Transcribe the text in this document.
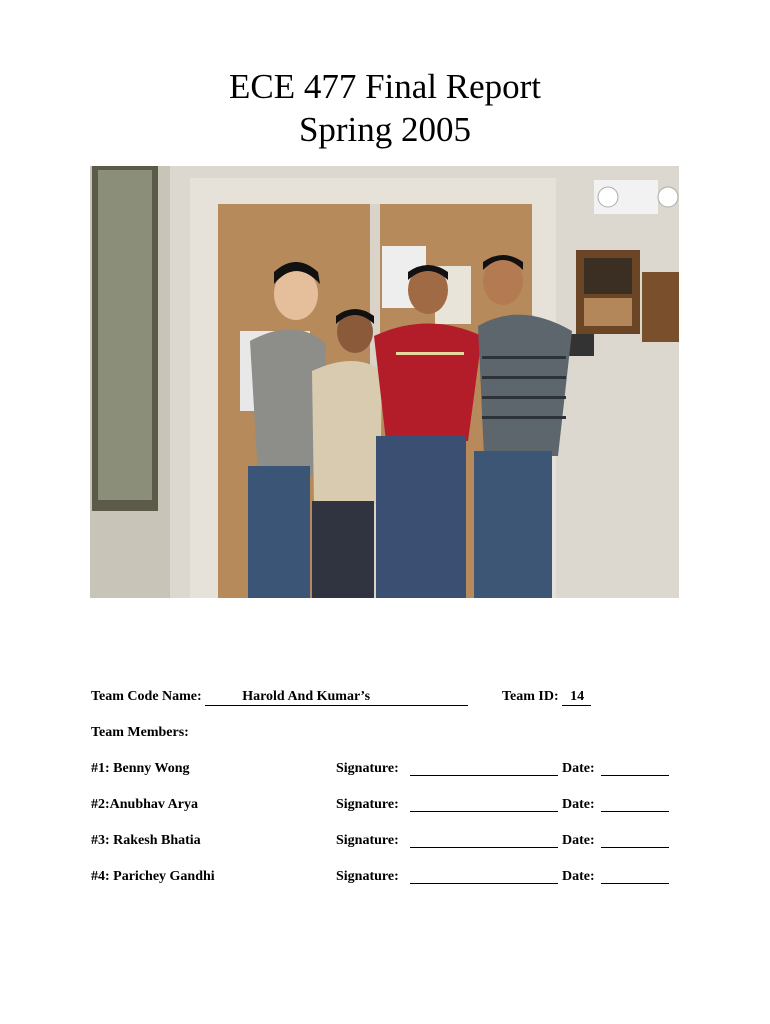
ECE 477 Final Report
Spring 2005
Team Code Name:	Harold And Kumar’s	Team ID: 14
Team Members:
#1: Benny Wong	Signature:	Date:
#2:Anubhav Arya	Signature:	Date:
#3: Rakesh Bhatia	Signature:	Date:
#4: Parichey Gandhi	Signature:	Date:
